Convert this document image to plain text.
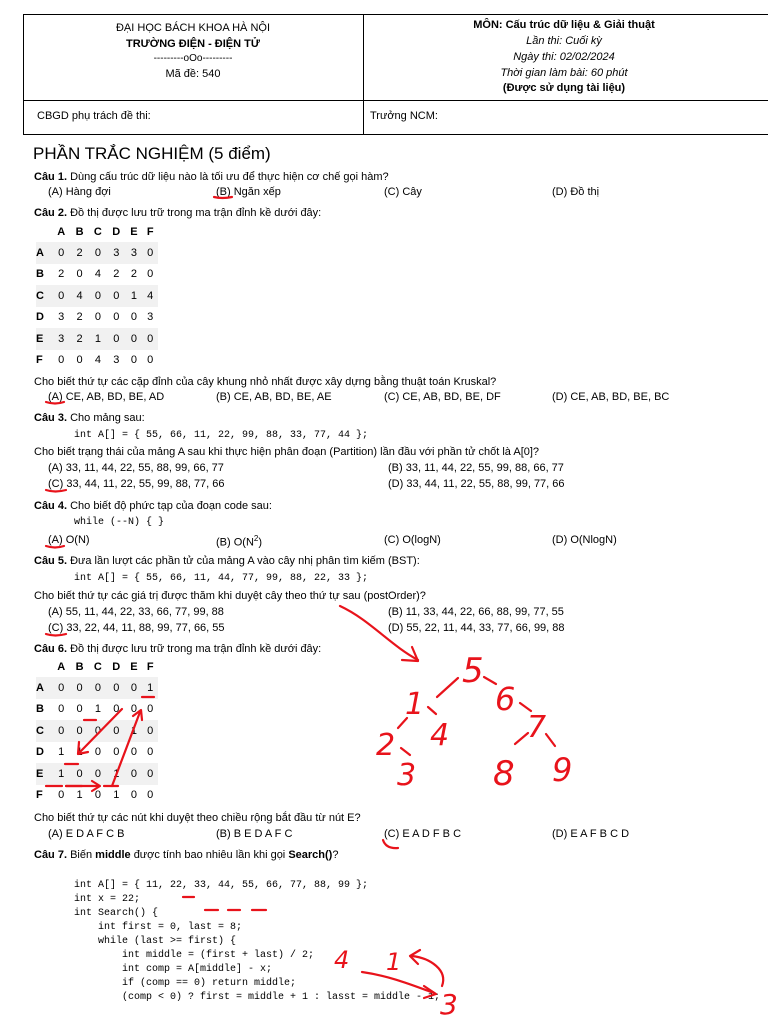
ĐẠI HỌC BÁCH KHOA HÀ NỘI
TRƯỜNG ĐIỆN - ĐIỆN TỬ
---------oOo---------
Mã đề: 540
MÔN: Cấu trúc dữ liệu & Giải thuật
Lần thi: Cuối kỳ
Ngày thi: 02/02/2024
Thời gian làm bài: 60 phút
(Được sử dụng tài liệu)
CBGD phụ trách đề thi:	Trưởng NCM:
PHẦN TRẮC NGHIỆM (5 điểm)
Câu 1. Dùng cấu trúc dữ liệu nào là tối ưu để thực hiện cơ chế gọi hàm?
(A) Hàng đợi	(B) Ngăn xếp	(C) Cây	(D) Đồ thị
Câu 2. Đồ thị được lưu trữ trong ma trận đỉnh kề dưới đây:
	A	B	C	D	E	F
A	0	2	0	3	3	0
B	2	0	4	2	2	0
C	0	4	0	0	1	4
D	3	2	0	0	0	3
E	3	2	1	0	0	0
F	0	0	4	3	0	0
Cho biết thứ tự các cặp đỉnh của cây khung nhỏ nhất được xây dựng bằng thuật toán Kruskal?
(A) CE, AB, BD, BE, AD	(B) CE, AB, BD, BE, AE	(C) CE, AB, BD, BE, DF	(D) CE, AB, BD, BE, BC
Câu 3. Cho mảng sau:
int A[] = { 55, 66, 11, 22, 99, 88, 33, 77, 44 };
Cho biết trạng thái của mảng A sau khi thực hiện phân đoạn (Partition) lần đầu với phần tử chốt là A[0]?
(A) 33, 11, 44, 22, 55, 88, 99, 66, 77	(B) 33, 11, 44, 22, 55, 99, 88, 66, 77
(C) 33, 44, 11, 22, 55, 99, 88, 77, 66	(D) 33, 44, 11, 22, 55, 88, 99, 77, 66
Câu 4. Cho biết độ phức tạp của đoạn code sau:
while (--N) { }
(A) O(N)	(B) $O(N^2)$	(C) O(logN)	(D) O(NlogN)
Câu 5. Đưa lần lượt các phần tử của mảng A vào cây nhị phân tìm kiếm (BST):
int A[] = { 55, 66, 11, 44, 77, 99, 88, 22, 33 };
Cho biết thứ tự các giá trị được thăm khi duyệt cây theo thứ tự sau (postOrder)?
(A) 55, 11, 44, 22, 33, 66, 77, 99, 88	(B) 11, 33, 44, 22, 66, 88, 99, 77, 55
(C) 33, 22, 44, 11, 88, 99, 77, 66, 55	(D) 55, 22, 11, 44, 33, 77, 66, 99, 88
Câu 6. Đồ thị được lưu trữ trong ma trận đỉnh kề dưới đây:
	A	B	C	D	E	F
A	0	0	0	0	0	1
B	0	0	1	0	0	0
C	0	0	0	0	1	0
D	1	1	0	0	0	0
E	1	0	0	1	0	0
F	0	1	0	1	0	0
Cho biết thứ tự các nút khi duyệt theo chiều rộng bắt đầu từ nút E?
(A) E D A F C B	(B) B E D A F C	(C) E A D F B C	(D) E A F B C D
Câu 7. Biến middle được tính bao nhiêu lần khi gọi Search()?
int A[] = { 11, 22, 33, 44, 55, 66, 77, 88, 99 };
int x = 22;
int Search() {
int first = 0, last = 8;
while (last >= first) {
int middle = (first + last) / 2;
int comp = A[middle] - x;
if (comp == 0) return middle;
(comp < 0) ? first = middle + 1 : lasst = middle - 1;
5
1 6
2 4	7
3 8 9
4 1
3
